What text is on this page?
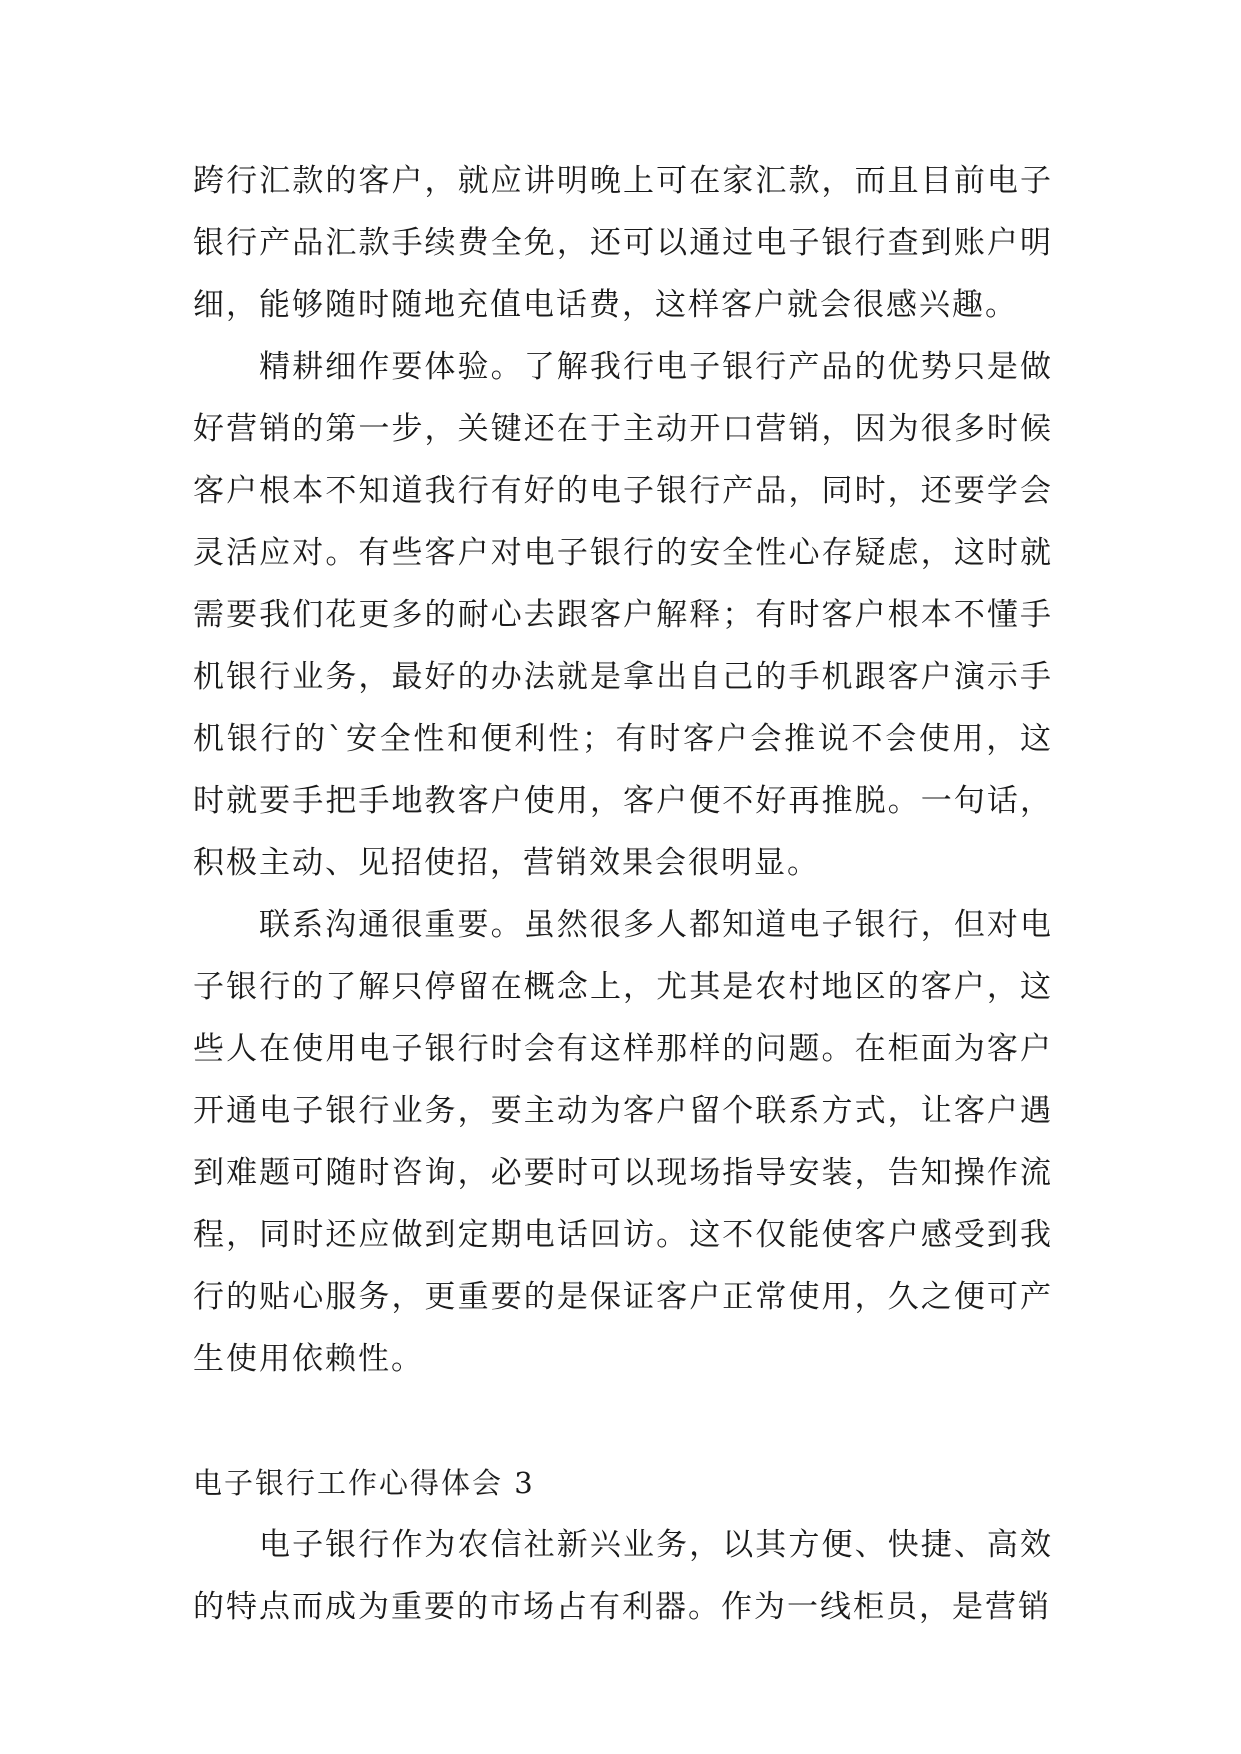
跨行汇款的客户，就应讲明晚上可在家汇款，而且目前电子银行产品汇款手续费全免，还可以通过电子银行查到账户明细，能够随时随地充值电话费，这样客户就会很感兴趣。

精耕细作要体验。了解我行电子银行产品的优势只是做好营销的第一步，关键还在于主动开口营销，因为很多时候客户根本不知道我行有好的电子银行产品，同时，还要学会灵活应对。有些客户对电子银行的安全性心存疑虑，这时就需要我们花更多的耐心去跟客户解释；有时客户根本不懂手机银行业务，最好的办法就是拿出自己的手机跟客户演示手机银行的`安全性和便利性；有时客户会推说不会使用，这时就要手把手地教客户使用，客户便不好再推脱。一句话，积极主动、见招使招，营销效果会很明显。

联系沟通很重要。虽然很多人都知道电子银行，但对电子银行的了解只停留在概念上，尤其是农村地区的客户，这些人在使用电子银行时会有这样那样的问题。在柜面为客户开通电子银行业务，要主动为客户留个联系方式，让客户遇到难题可随时咨询，必要时可以现场指导安装，告知操作流程，同时还应做到定期电话回访。这不仅能使客户感受到我行的贴心服务，更重要的是保证客户正常使用，久之便可产生使用依赖性。

电子银行工作心得体会 3

电子银行作为农信社新兴业务，以其方便、快捷、高效的特点而成为重要的市场占有利器。作为一线柜员，是营销
